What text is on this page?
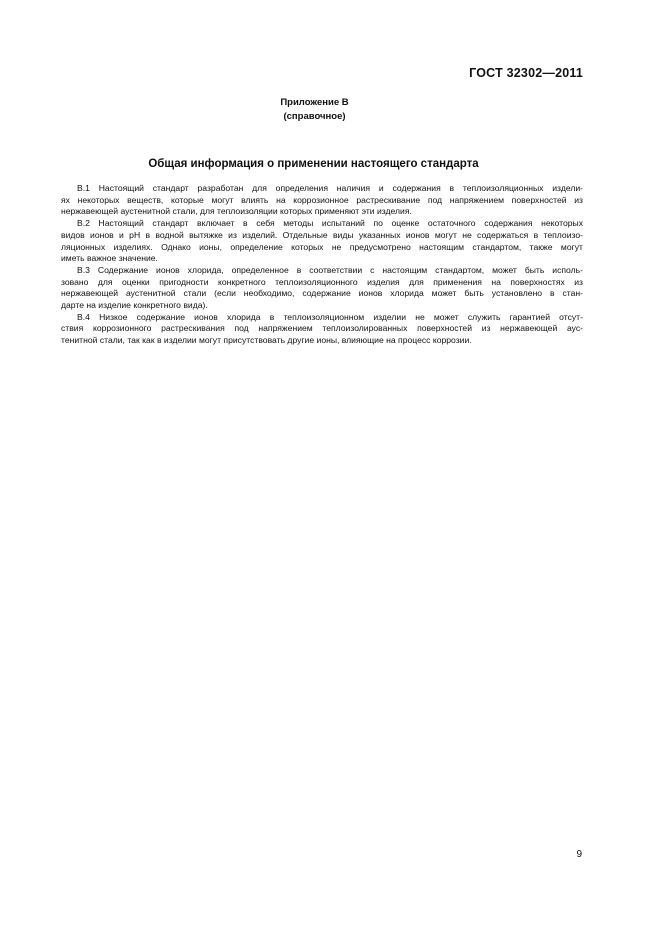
ГОСТ 32302—2011
Приложение В
(справочное)
Общая информация о применении настоящего стандарта
В.1 Настоящий стандарт разработан для определения наличия и содержания в теплоизоляционных издели-
ях некоторых веществ, которые могут влиять на коррозионное растрескивание под напряжением поверхностей из
нержавеющей аустенитной стали, для теплоизоляции которых применяют эти изделия.
В.2 Настоящий стандарт включает в себя методы испытаний по оценке остаточного содержания некоторых
видов ионов и pH в водной вытяжке из изделий. Отдельные виды указанных ионов могут не содержаться в теплоизо-
ляционных изделиях. Однако ионы, определение которых не предусмотрено настоящим стандартом, также могут
иметь важное значение.
В.3 Содержание ионов хлорида, определенное в соответствии с настоящим стандартом, может быть исполь-
зовано для оценки пригодности конкретного теплоизоляционного изделия для применения на поверхностях из
нержавеющей аустенитной стали (если необходимо, содержание ионов хлорида может быть установлено в стан-
дарте на изделие конкретного вида).
В.4 Низкое содержание ионов хлорида в теплоизоляционном изделии не может служить гарантией отсут-
ствия коррозионного растрескивания под напряжением теплоизолированных поверхностей из нержавеющей аус-
тенитной стали, так как в изделии могут присутствовать другие ионы, влияющие на процесс коррозии.
9
